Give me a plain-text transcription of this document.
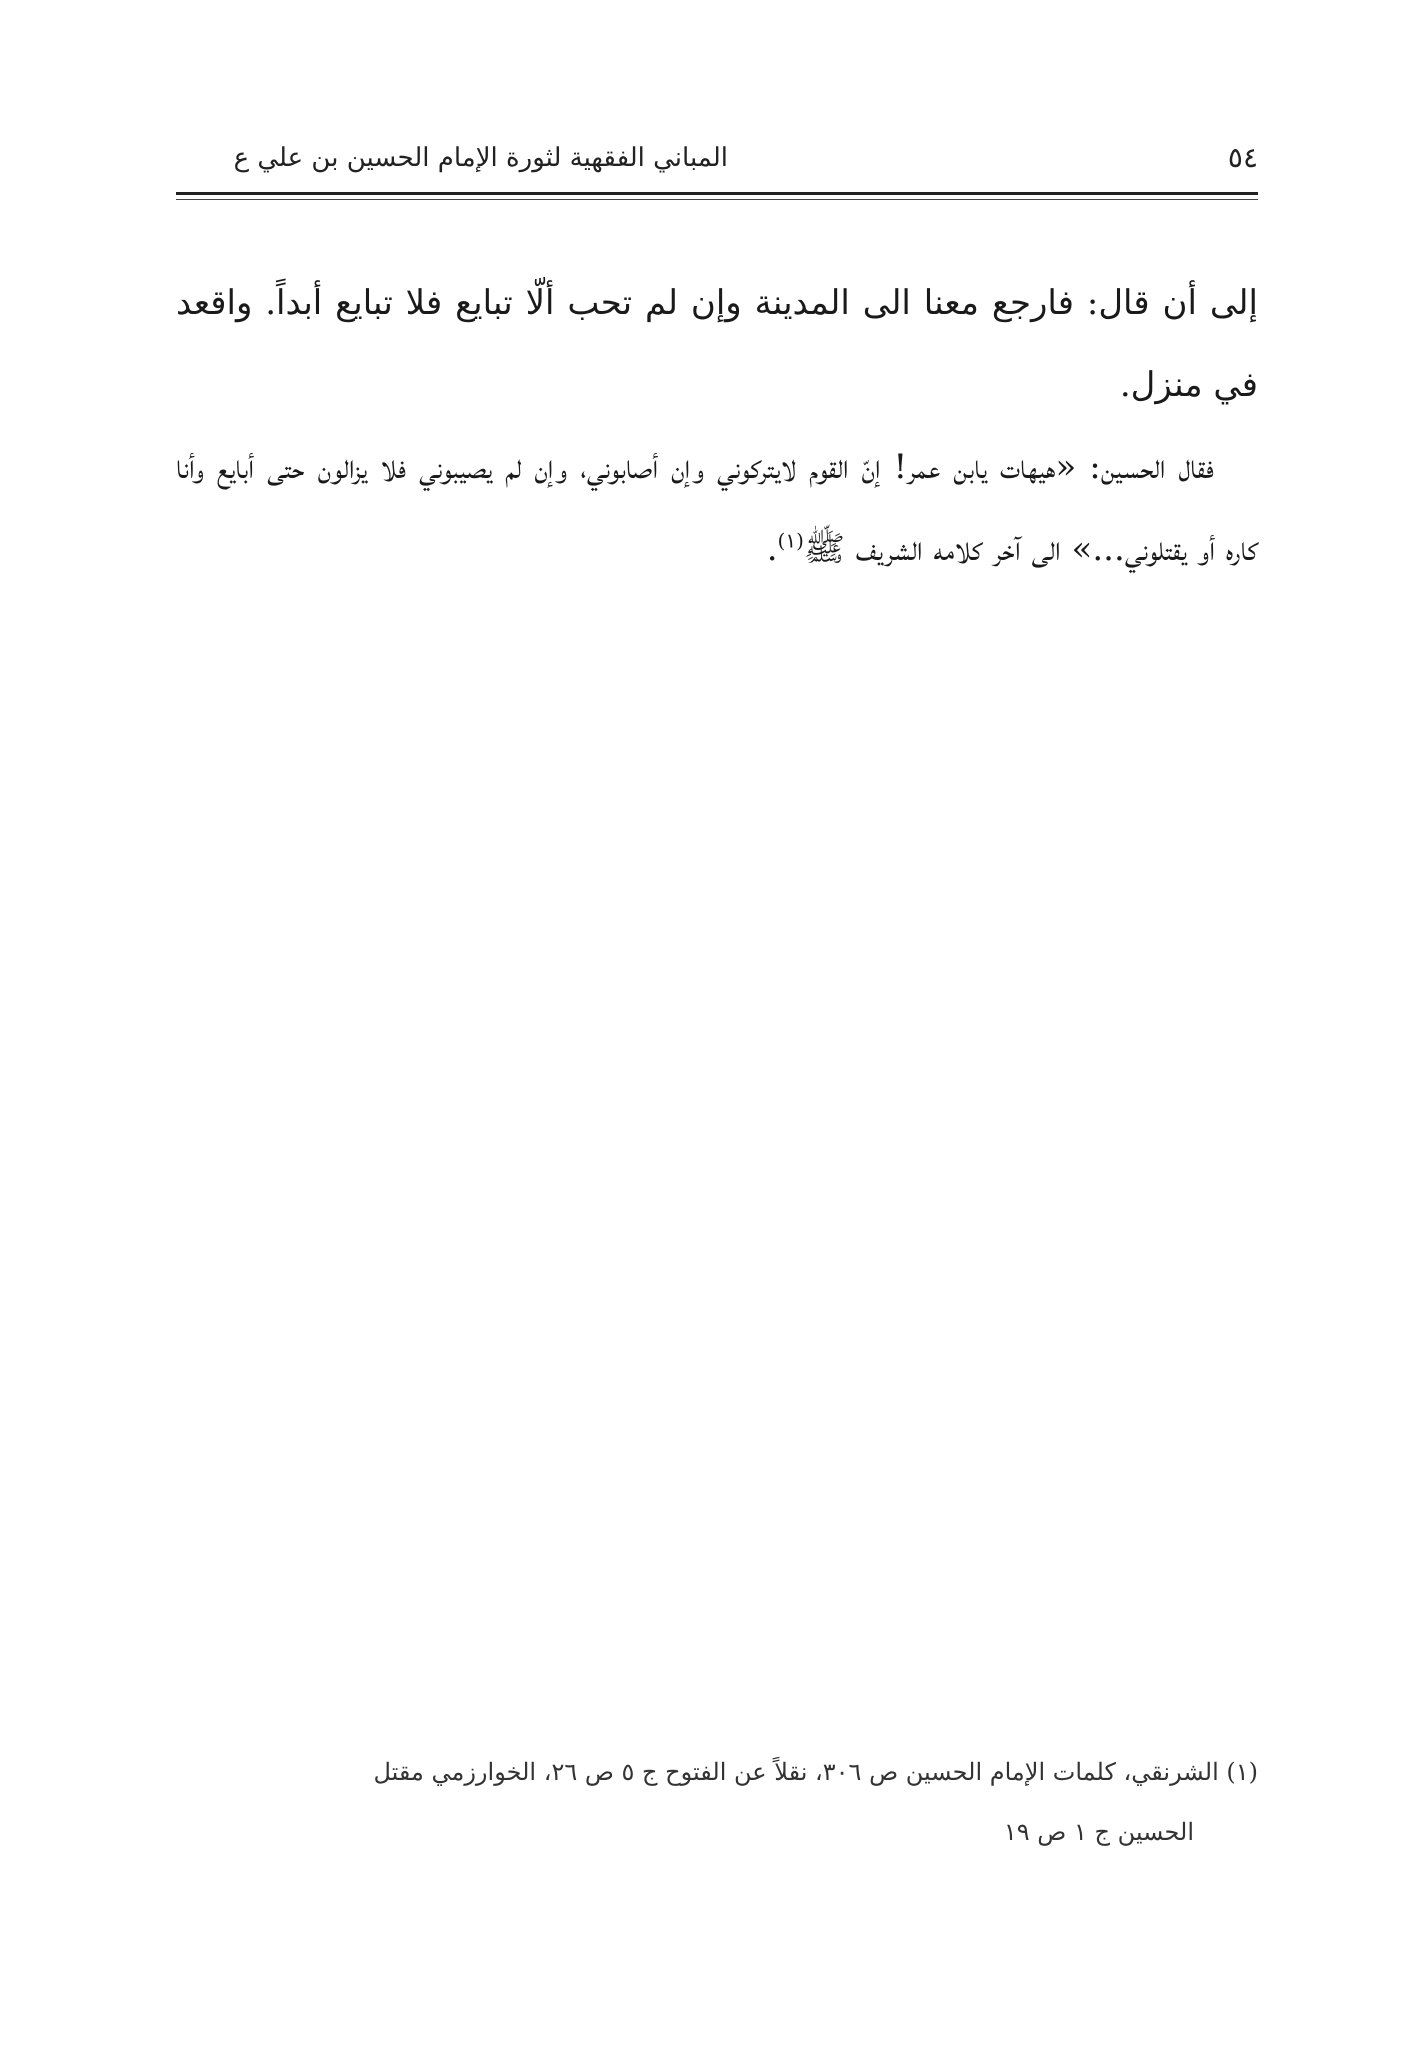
٥٤
المباني الفقهية لثورة الإمام الحسين بن علي ع

إلى أن قال: فارجع معنا الى المدينة وإن لم تحب ألّا تبايع فلا تبايع أبداً. واقعد في منزل.

فقال الحسين: «هيهات يابن عمر! إنّ القوم لايتركوني وإن أصابوني، وإن لم يصيبوني فلا يزالون حتى أبايع وأنا كاره أو يقتلوني...» الى آخر كلامه الشريف ﷺ$^{(١)}$.

(١) الشرنقي، كلمات الإمام الحسين ص ٣٠٦، نقلاً عن الفتوح ج ٥ ص ٢٦، الخوارزمي مقتل

الحسين ج ١ ص ١٩
